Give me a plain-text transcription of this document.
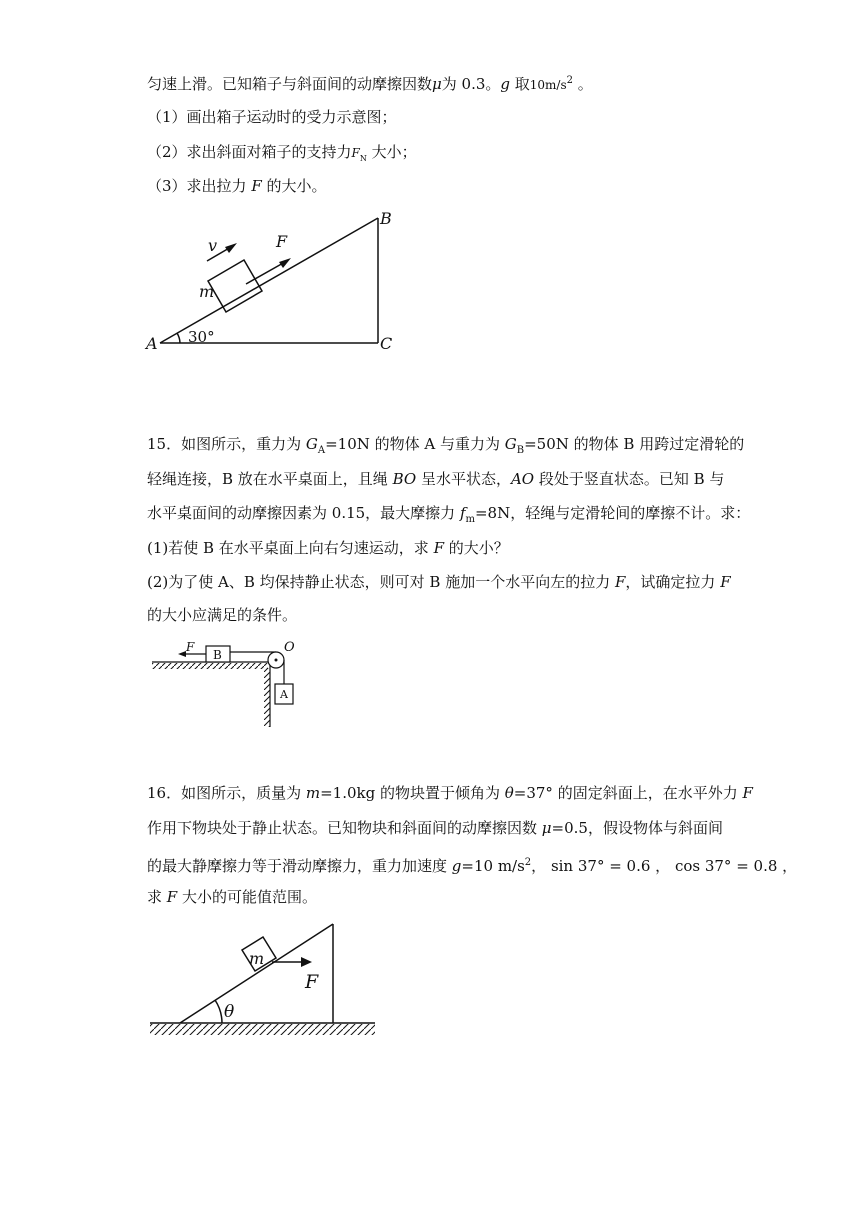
匀速上滑。已知箱子与斜面间的动摩擦因数μ为 0.3。g 取$10m/s^2$ 。
（1）画出箱子运动时的受力示意图；
（2）求出斜面对箱子的支持力$F_N$ 大小；
（3）求出拉力 F 的大小。
A
B
C
30°
m
v	F
15．如图所示，重力为 $G_A=10N$ 的物体 A 与重力为 $G_B=50N$ 的物体 B 用跨过定滑轮的
轻绳连接，B 放在水平桌面上，且绳 BO 呈水平状态，AO 段处于竖直状态。已知 B 与
水平桌面间的动摩擦因素为 0.15，最大摩擦力 $f_m=8N$，轻绳与定滑轮间的摩擦不计。求：
(1)若使 B 在水平桌面上向右匀速运动，求 F 的大小？
(2)为了使 A、B 均保持静止状态，则可对 B 施加一个水平向左的拉力 F，试确定拉力 F
的大小应满足的条件。
F
B	O
A
16．如图所示，质量为 m=1.0kg 的物块置于倾角为 θ=37° 的固定斜面上，在水平外力 F
作用下物块处于静止状态。已知物块和斜面间的动摩擦因数 μ=0.5，假设物体与斜面间
的最大静摩擦力等于滑动摩擦力，重力加速度 g=10 $m/s^2$， sin 37° = 0.6 ， cos 37° = 0.8 ，
求 F 大小的可能值范围。
m
F
θ
